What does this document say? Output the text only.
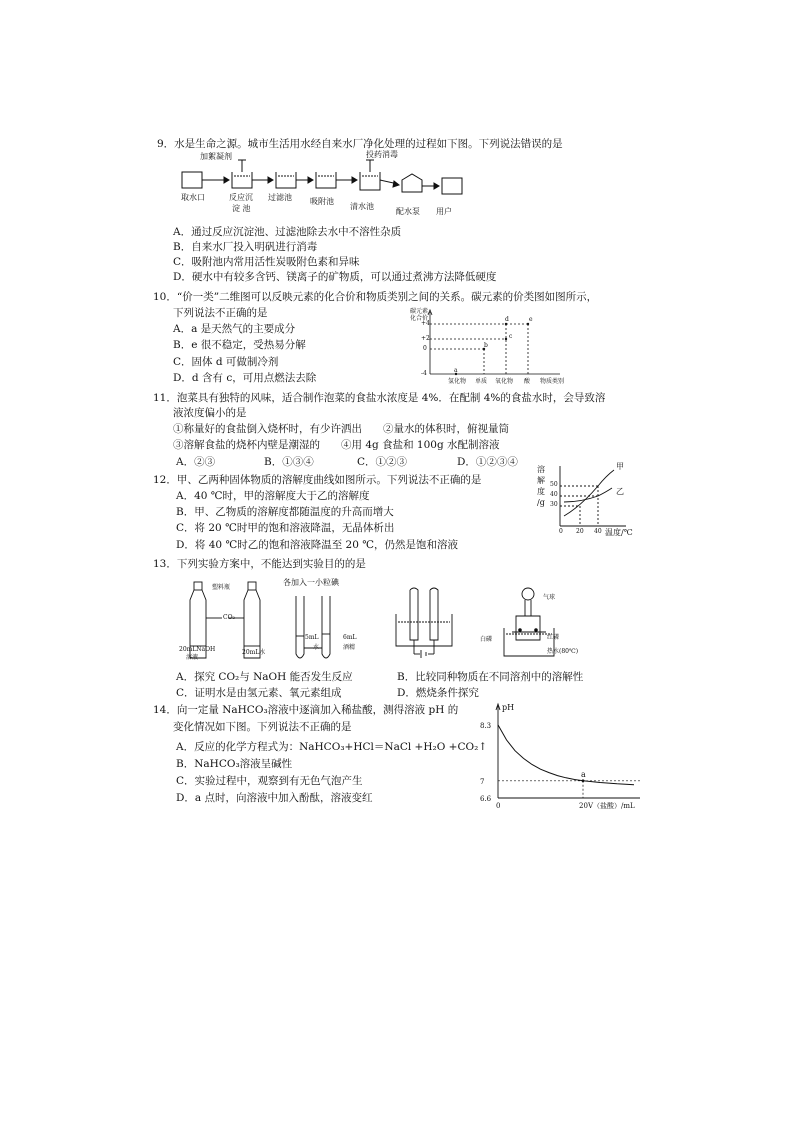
9．水是生命之源。城市生活用水经自来水厂净化处理的过程如下图。下列说法错误的是
加絮凝剂	投药消毒
取水口	反应沉
淀 池
过滤池 吸附池
清水池
配水泵 用户
A．通过反应沉淀池、过滤池除去水中不溶性杂质
B．自来水厂投入明矾进行消毒
C．吸附池内常用活性炭吸附色素和异味
D．硬水中有较多含钙、镁离子的矿物质，可以通过煮沸方法降低硬度
10．“价一类”二维图可以反映元素的化合价和物质类别之间的关系。碳元素的价类图如图所示，
下列说法不正确的是
A．a 是天然气的主要成分
B．e 很不稳定，受热易分解
C．固体 d 可做制冷剂
D．d 含有 c，可用点燃法去除
碳元素
化合价
+4
+2
0
-4	a
b
c
d	e
氢化物 单质 氧化物 酸 物质类别
11．泡菜具有独特的风味，适合制作泡菜的食盐水浓度是 4%．在配制 4%的食盐水时，会导致溶
液浓度偏小的是
①称量好的食盐倒入烧杯时，有少许洒出　　②量水的体积时，俯视量筒
③溶解食盐的烧杯内壁是潮湿的　　④用 4g 食盐和 100g 水配制溶液
A．②③	B．①③④	C．①②③	D．①②③④
12．甲、乙两种固体物质的溶解度曲线如图所示。下列说法不正确的是
A．40 ℃时，甲的溶解度大于乙的溶解度
B．甲、乙物质的溶解度都随温度的升高而增大
C．将 20 ℃时甲的饱和溶液降温，无晶体析出
D．将 40 ℃时乙的饱和溶液降温至 20 ℃，仍然是饱和溶液
溶
解
度
/g
50
40
30
0 20 40 温度/℃
甲
乙
13．下列实验方案中，不能达到实验目的的是
塑料瓶
CO₂
20mLNaOH
溶液
20mL水
各加入一小粒碘
5mL
水
6mL
酒精
气球
白磷	红磷
热水(80℃)
A．探究 CO₂与 NaOH 能否发生反应	B．比较同种物质在不同溶剂中的溶解性
C．证明水是由氢元素、氧元素组成	D．燃烧条件探究
14．向一定量 NaHCO₃溶液中逐滴加入稀盐酸，测得溶液 pH 的
变化情况如下图。下列说法不正确的是
A．反应的化学方程式为：NaHCO₃+HCl＝NaCl +H₂O +CO₂↑
B．NaHCO₃溶液呈碱性
C．实验过程中，观察到有无色气泡产生
D．a 点时，向溶液中加入酚酞，溶液变红
a
pH
8.3
7
6.6
0	20 V（盐酸）/mL
